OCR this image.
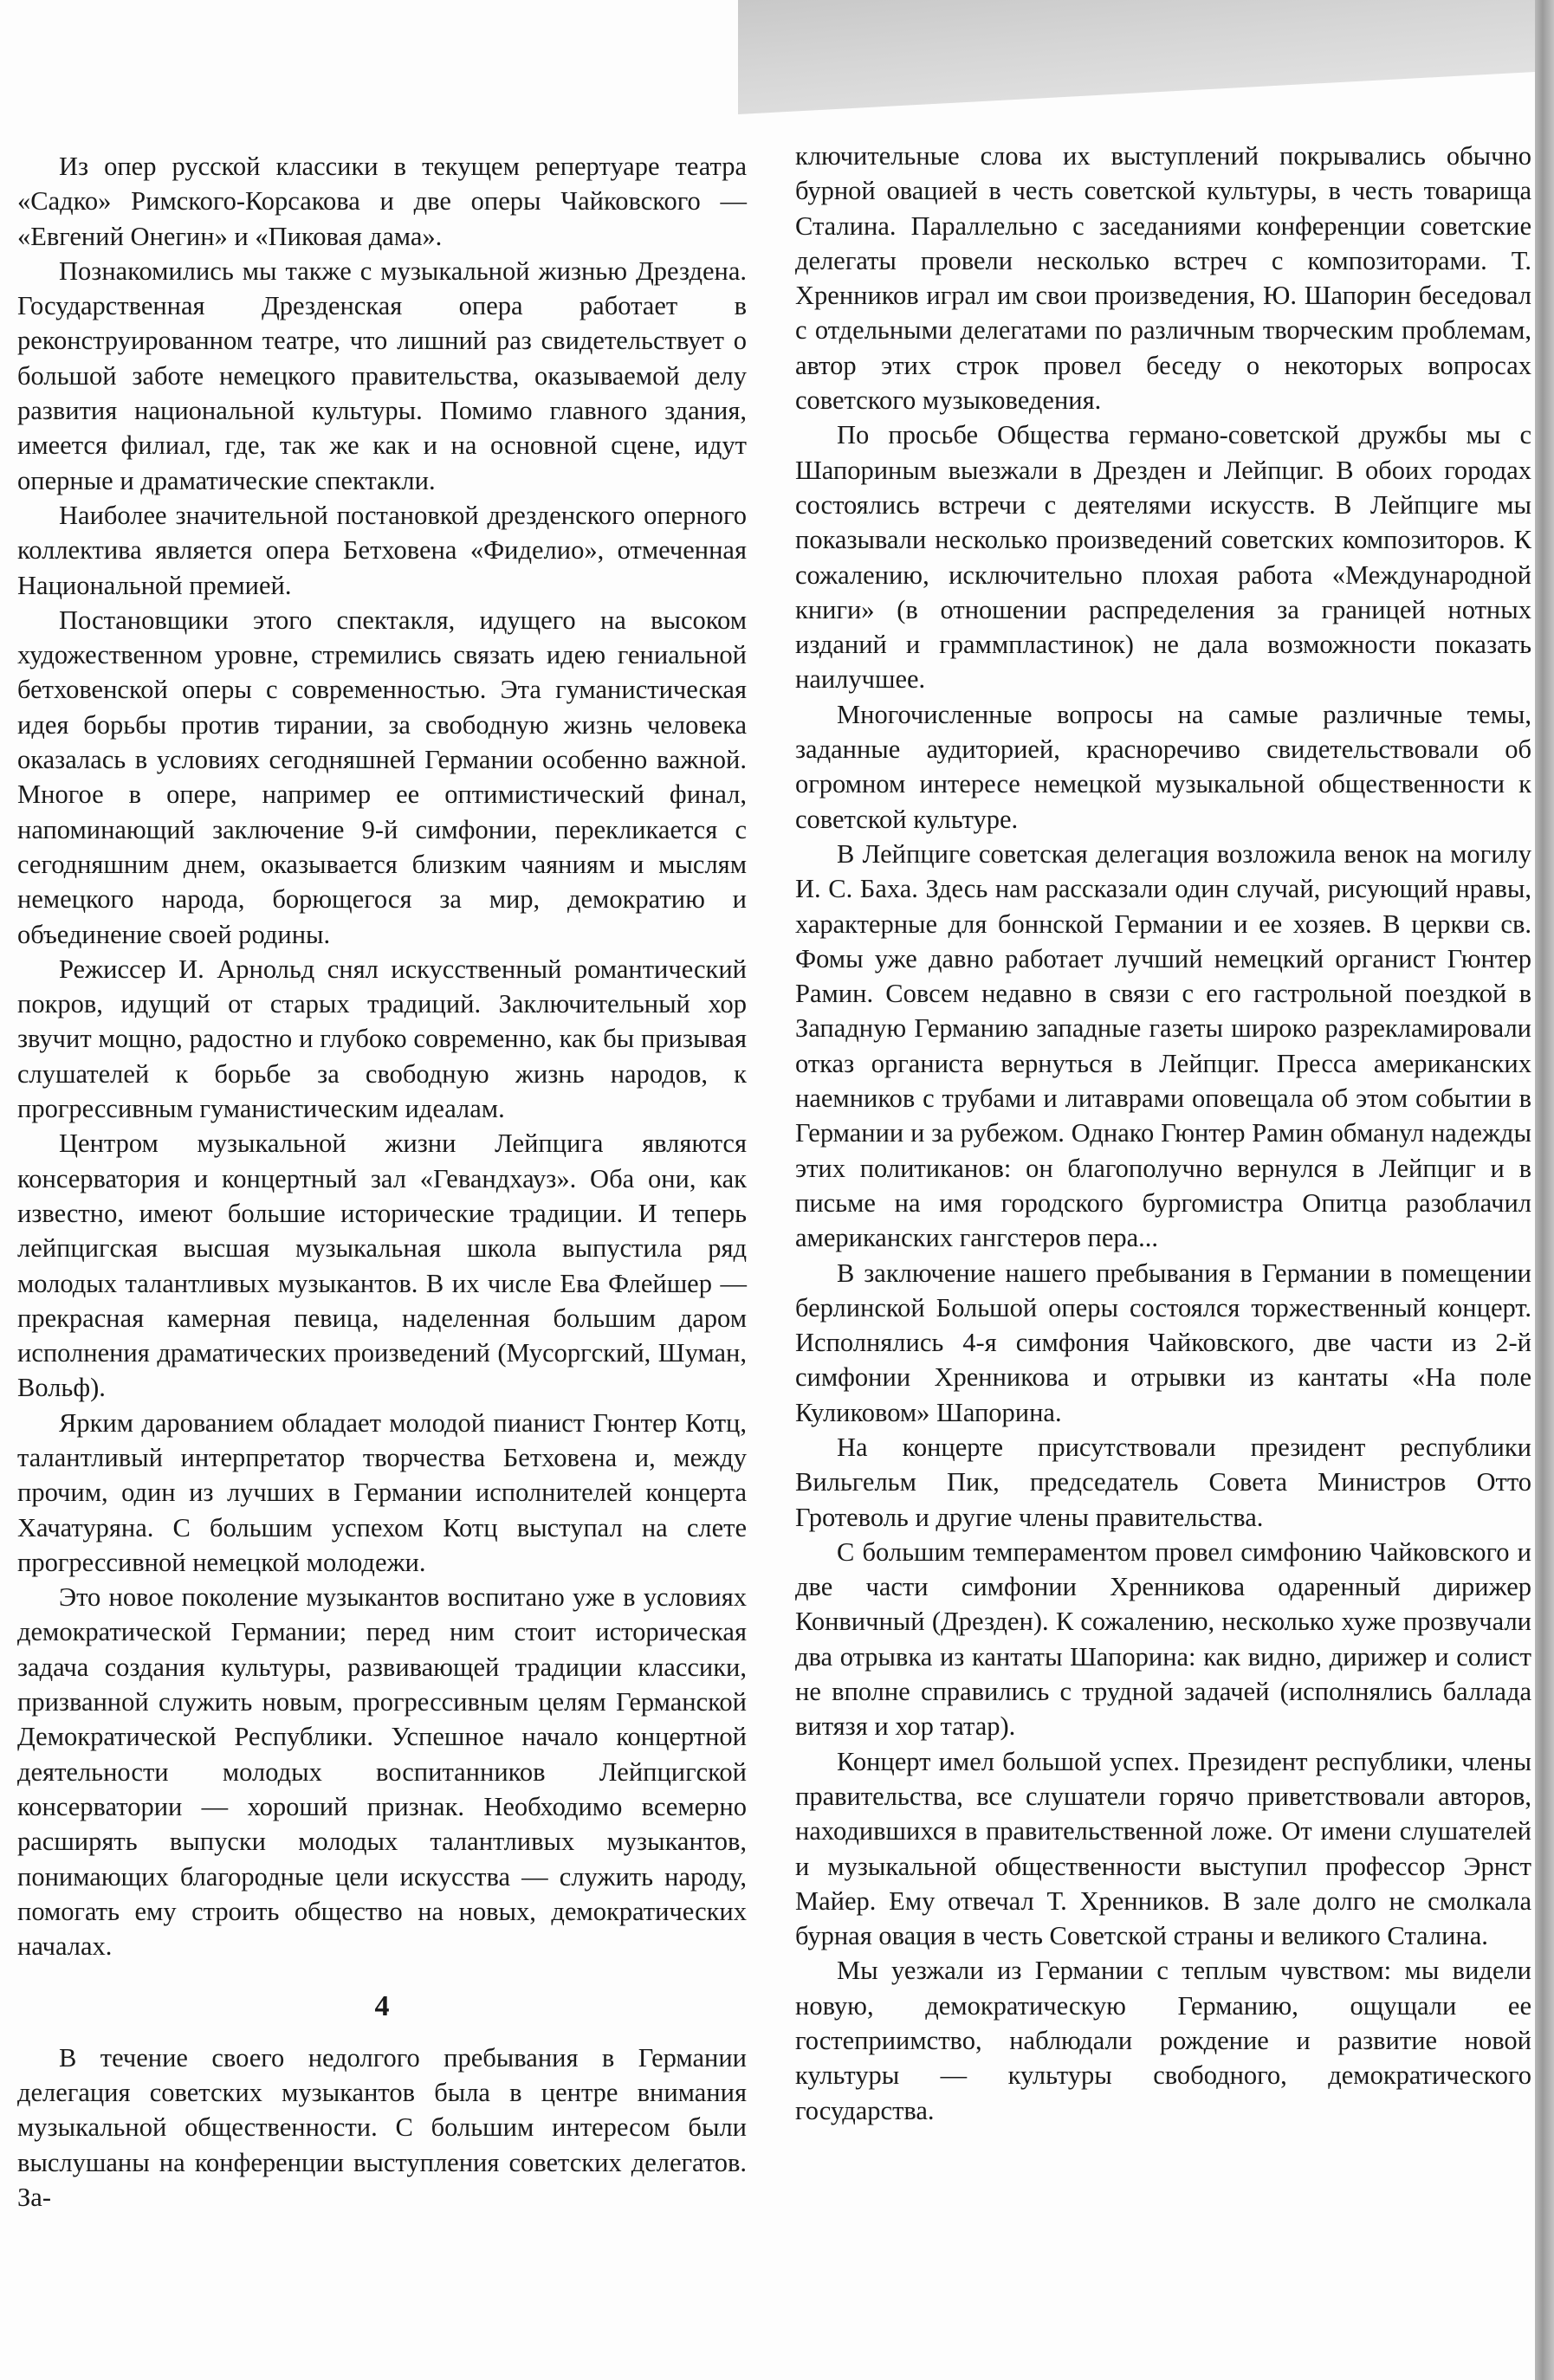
Из опер русской классики в текущем репертуаре театра «Садко» Римского-Корсакова и две оперы Чайковского — «Евгений Онегин» и «Пиковая дама».

Познакомились мы также с музыкальной жизнью Дрездена. Государственная Дрезденская опера работает в реконструированном театре, что лишний раз свидетельствует о большой заботе немецкого правительства, оказываемой делу развития национальной культуры. Помимо главного здания, имеется филиал, где, так же как и на основной сцене, идут оперные и драматические спектакли.

Наиболее значительной постановкой дрезденского оперного коллектива является опера Бетховена «Фиделио», отмеченная Национальной премией.

Постановщики этого спектакля, идущего на высоком художественном уровне, стремились связать идею гениальной бетховенской оперы с современностью. Эта гуманистическая идея борьбы против тирании, за свободную жизнь человека оказалась в условиях сегодняшней Германии особенно важной. Многое в опере, например ее оптимистический финал, напоминающий заключение 9-й симфонии, перекликается с сегодняшним днем, оказывается близким чаяниям и мыслям немецкого народа, борющегося за мир, демократию и объединение своей родины.

Режиссер И. Арнольд снял искусственный романтический покров, идущий от старых традиций. Заключительный хор звучит мощно, радостно и глубоко современно, как бы призывая слушателей к борьбе за свободную жизнь народов, к прогрессивным гуманистическим идеалам.

Центром музыкальной жизни Лейпцига являются консерватория и концертный зал «Гевандхауз». Оба они, как известно, имеют большие исторические традиции. И теперь лейпцигская высшая музыкальная школа выпустила ряд молодых талантливых музыкантов. В их числе Ева Флейшер — прекрасная камерная певица, наделенная большим даром исполнения драматических произведений (Мусоргский, Шуман, Вольф).

Ярким дарованием обладает молодой пианист Гюнтер Котц, талантливый интерпретатор творчества Бетховена и, между прочим, один из лучших в Германии исполнителей концерта Хачатуряна. С большим успехом Котц выступал на слете прогрессивной немецкой молодежи.

Это новое поколение музыкантов воспитано уже в условиях демократической Германии; перед ним стоит историческая задача создания культуры, развивающей традиции классики, призванной служить новым, прогрессивным целям Германской Демократической Республики. Успешное начало концертной деятельности молодых воспитанников Лейпцигской консерватории — хороший признак. Необходимо всемерно расширять выпуски молодых талантливых музыкантов, понимающих благородные цели искусства — служить народу, помогать ему строить общество на новых, демократических началах.

4

В течение своего недолгого пребывания в Германии делегация советских музыкантов была в центре внимания музыкальной общественности. С большим интересом были выслушаны на конференции выступления советских делегатов. За-

ключительные слова их выступлений покрывались обычно бурной овацией в честь советской культуры, в честь товарища Сталина. Параллельно с заседаниями конференции советские делегаты провели несколько встреч с композиторами. Т. Хренников играл им свои произведения, Ю. Шапорин беседовал с отдельными делегатами по различным творческим проблемам, автор этих строк провел беседу о некоторых вопросах советского музыковедения.

По просьбе Общества германо-советской дружбы мы с Шапориным выезжали в Дрезден и Лейпциг. В обоих городах состоялись встречи с деятелями искусств. В Лейпциге мы показывали несколько произведений советских композиторов. К сожалению, исключительно плохая работа «Международной книги» (в отношении распределения за границей нотных изданий и граммпластинок) не дала возможности показать наилучшее.

Многочисленные вопросы на самые различные темы, заданные аудиторией, красноречиво свидетельствовали об огромном интересе немецкой музыкальной общественности к советской культуре.

В Лейпциге советская делегация возложила венок на могилу И. С. Баха. Здесь нам рассказали один случай, рисующий нравы, характерные для боннской Германии и ее хозяев. В церкви св. Фомы уже давно работает лучший немецкий органист Гюнтер Рамин. Совсем недавно в связи с его гастрольной поездкой в Западную Германию западные газеты широко разрекламировали отказ органиста вернуться в Лейпциг. Пресса американских наемников с трубами и литаврами оповещала об этом событии в Германии и за рубежом. Однако Гюнтер Рамин обманул надежды этих политиканов: он благополучно вернулся в Лейпциг и в письме на имя городского бургомистра Опитца разоблачил американских гангстеров пера...

В заключение нашего пребывания в Германии в помещении берлинской Большой оперы состоялся торжественный концерт. Исполнялись 4-я симфония Чайковского, две части из 2-й симфонии Хренникова и отрывки из кантаты «На поле Куликовом» Шапорина.

На концерте присутствовали президент республики Вильгельм Пик, председатель Совета Министров Отто Гротеволь и другие члены правительства.

С большим темпераментом провел симфонию Чайковского и две части симфонии Хренникова одаренный дирижер Конвичный (Дрезден). К сожалению, несколько хуже прозвучали два отрывка из кантаты Шапорина: как видно, дирижер и солист не вполне справились с трудной задачей (исполнялись баллада витязя и хор татар).

Концерт имел большой успех. Президент республики, члены правительства, все слушатели горячо приветствовали авторов, находившихся в правительственной ложе. От имени слушателей и музыкальной общественности выступил профессор Эрнст Майер. Ему отвечал Т. Хренников. В зале долго не смолкала бурная овация в честь Советской страны и великого Сталина.

Мы уезжали из Германии с теплым чувством: мы видели новую, демократическую Германию, ощущали ее гостеприимство, наблюдали рождение и развитие новой культуры — культуры свободного, демократического государства.
